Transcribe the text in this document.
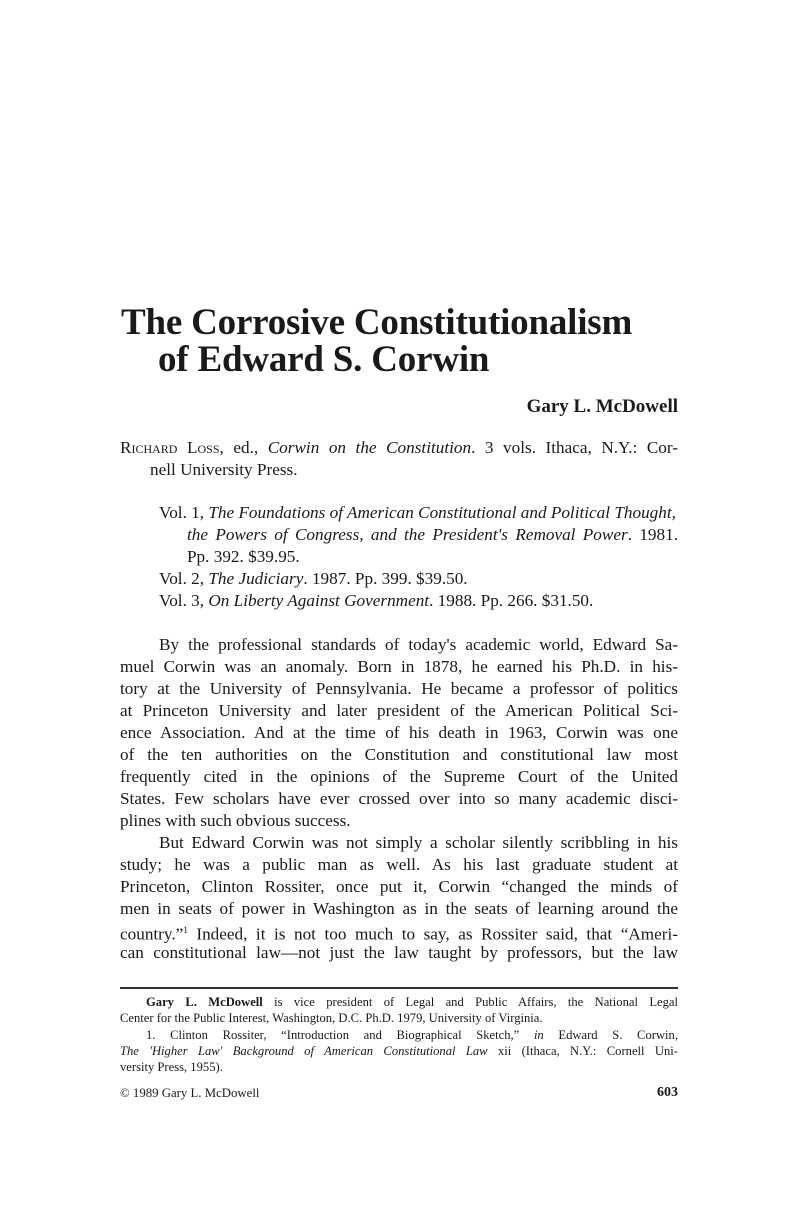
The Corrosive Constitutionalism
of Edward S. Corwin
Gary L. McDowell
Richard Loss, ed., Corwin on the Constitution. 3 vols. Ithaca, N.Y.: Cor-
nell University Press.
Vol. 1, The Foundations of American Constitutional and Political Thought,
the Powers of Congress, and the President's Removal Power. 1981.
Pp. 392. $39.95.
Vol. 2, The Judiciary. 1987. Pp. 399. $39.50.
Vol. 3, On Liberty Against Government. 1988. Pp. 266. $31.50.
By the professional standards of today's academic world, Edward Sa-
muel Corwin was an anomaly. Born in 1878, he earned his Ph.D. in his-
tory at the University of Pennsylvania. He became a professor of politics
at Princeton University and later president of the American Political Sci-
ence Association. And at the time of his death in 1963, Corwin was one
of the ten authorities on the Constitution and constitutional law most
frequently cited in the opinions of the Supreme Court of the United
States. Few scholars have ever crossed over into so many academic disci-
plines with such obvious success.
But Edward Corwin was not simply a scholar silently scribbling in his
study; he was a public man as well. As his last graduate student at
Princeton, Clinton Rossiter, once put it, Corwin “changed the minds of
men in seats of power in Washington as in the seats of learning around the
country.”$^1$ Indeed, it is not too much to say, as Rossiter said, that “Ameri-
can constitutional law—not just the law taught by professors, but the law
Gary L. McDowell is vice president of Legal and Public Affairs, the National Legal
Center for the Public Interest, Washington, D.C. Ph.D. 1979, University of Virginia.
1. Clinton Rossiter, “Introduction and Biographical Sketch,” in Edward S. Corwin,
The 'Higher Law' Background of American Constitutional Law xii (Ithaca, N.Y.: Cornell Uni-
versity Press, 1955).
© 1989 Gary L. McDowell	603
